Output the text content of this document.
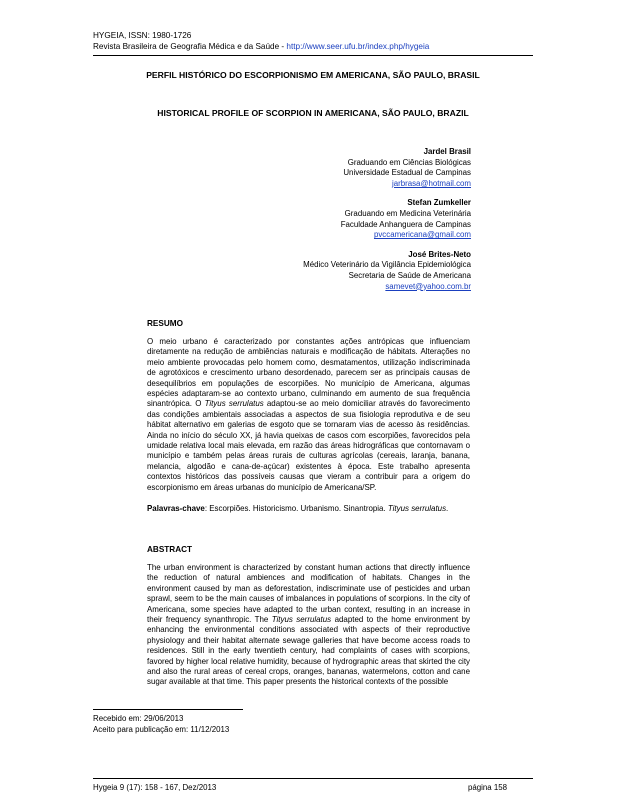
HYGEIA, ISSN: 1980-1726
Revista Brasileira de Geografia Médica e da Saúde - http://www.seer.ufu.br/index.php/hygeia
PERFIL HISTÓRICO DO ESCORPIONISMO EM AMERICANA, SÃO PAULO, BRASIL
HISTORICAL PROFILE OF SCORPION IN AMERICANA, SÃO PAULO, BRAZIL
Jardel Brasil
Graduando em Ciências Biológicas
Universidade Estadual de Campinas
jarbrasa@hotmail.com
Stefan Zumkeller
Graduando em Medicina Veterinária
Faculdade Anhanguera de Campinas
pvccamericana@gmail.com
José Brites-Neto
Médico Veterinário da Vigilância Epidemiológica
Secretaria de Saúde de Americana
samevet@yahoo.com.br
RESUMO
O meio urbano é caracterizado por constantes ações antrópicas que influenciam diretamente na redução de ambiências naturais e modificação de hábitats. Alterações no meio ambiente provocadas pelo homem como, desmatamentos, utilização indiscriminada de agrotóxicos e crescimento urbano desordenado, parecem ser as principais causas de desequilíbrios em populações de escorpiões. No município de Americana, algumas espécies adaptaram-se ao contexto urbano, culminando em aumento de sua frequência sinantrópica. O Tityus serrulatus adaptou-se ao meio domiciliar através do favorecimento das condições ambientais associadas a aspectos de sua fisiologia reprodutiva e de seu hábitat alternativo em galerias de esgoto que se tornaram vias de acesso às residências. Ainda no início do século XX, já havia queixas de casos com escorpiões, favorecidos pela umidade relativa local mais elevada, em razão das áreas hidrográficas que contornavam o município e também pelas áreas rurais de culturas agrícolas (cereais, laranja, banana, melancia, algodão e cana-de-açúcar) existentes à época. Este trabalho apresenta contextos históricos das possíveis causas que vieram a contribuir para a origem do escorpionismo em áreas urbanas do município de Americana/SP.
Palavras-chave: Escorpiões. Historicismo. Urbanismo. Sinantropia. Tityus serrulatus.
ABSTRACT
The urban environment is characterized by constant human actions that directly influence the reduction of natural ambiences and modification of habitats. Changes in the environment caused by man as deforestation, indiscriminate use of pesticides and urban sprawl, seem to be the main causes of imbalances in populations of scorpions. In the city of Americana, some species have adapted to the urban context, resulting in an increase in their frequency synanthropic. The Tityus serrulatus adapted to the home environment by enhancing the environmental conditions associated with aspects of their reproductive physiology and their habitat alternate sewage galleries that have become access roads to residences. Still in the early twentieth century, had complaints of cases with scorpions, favored by higher local relative humidity, because of hydrographic areas that skirted the city and also the rural areas of cereal crops, oranges, bananas, watermelons, cotton and cane sugar available at that time. This paper presents the historical contexts of the possible
Recebido em: 29/06/2013
Aceito para publicação em: 11/12/2013
Hygeia 9 (17): 158 - 167, Dez/2013	página 158
